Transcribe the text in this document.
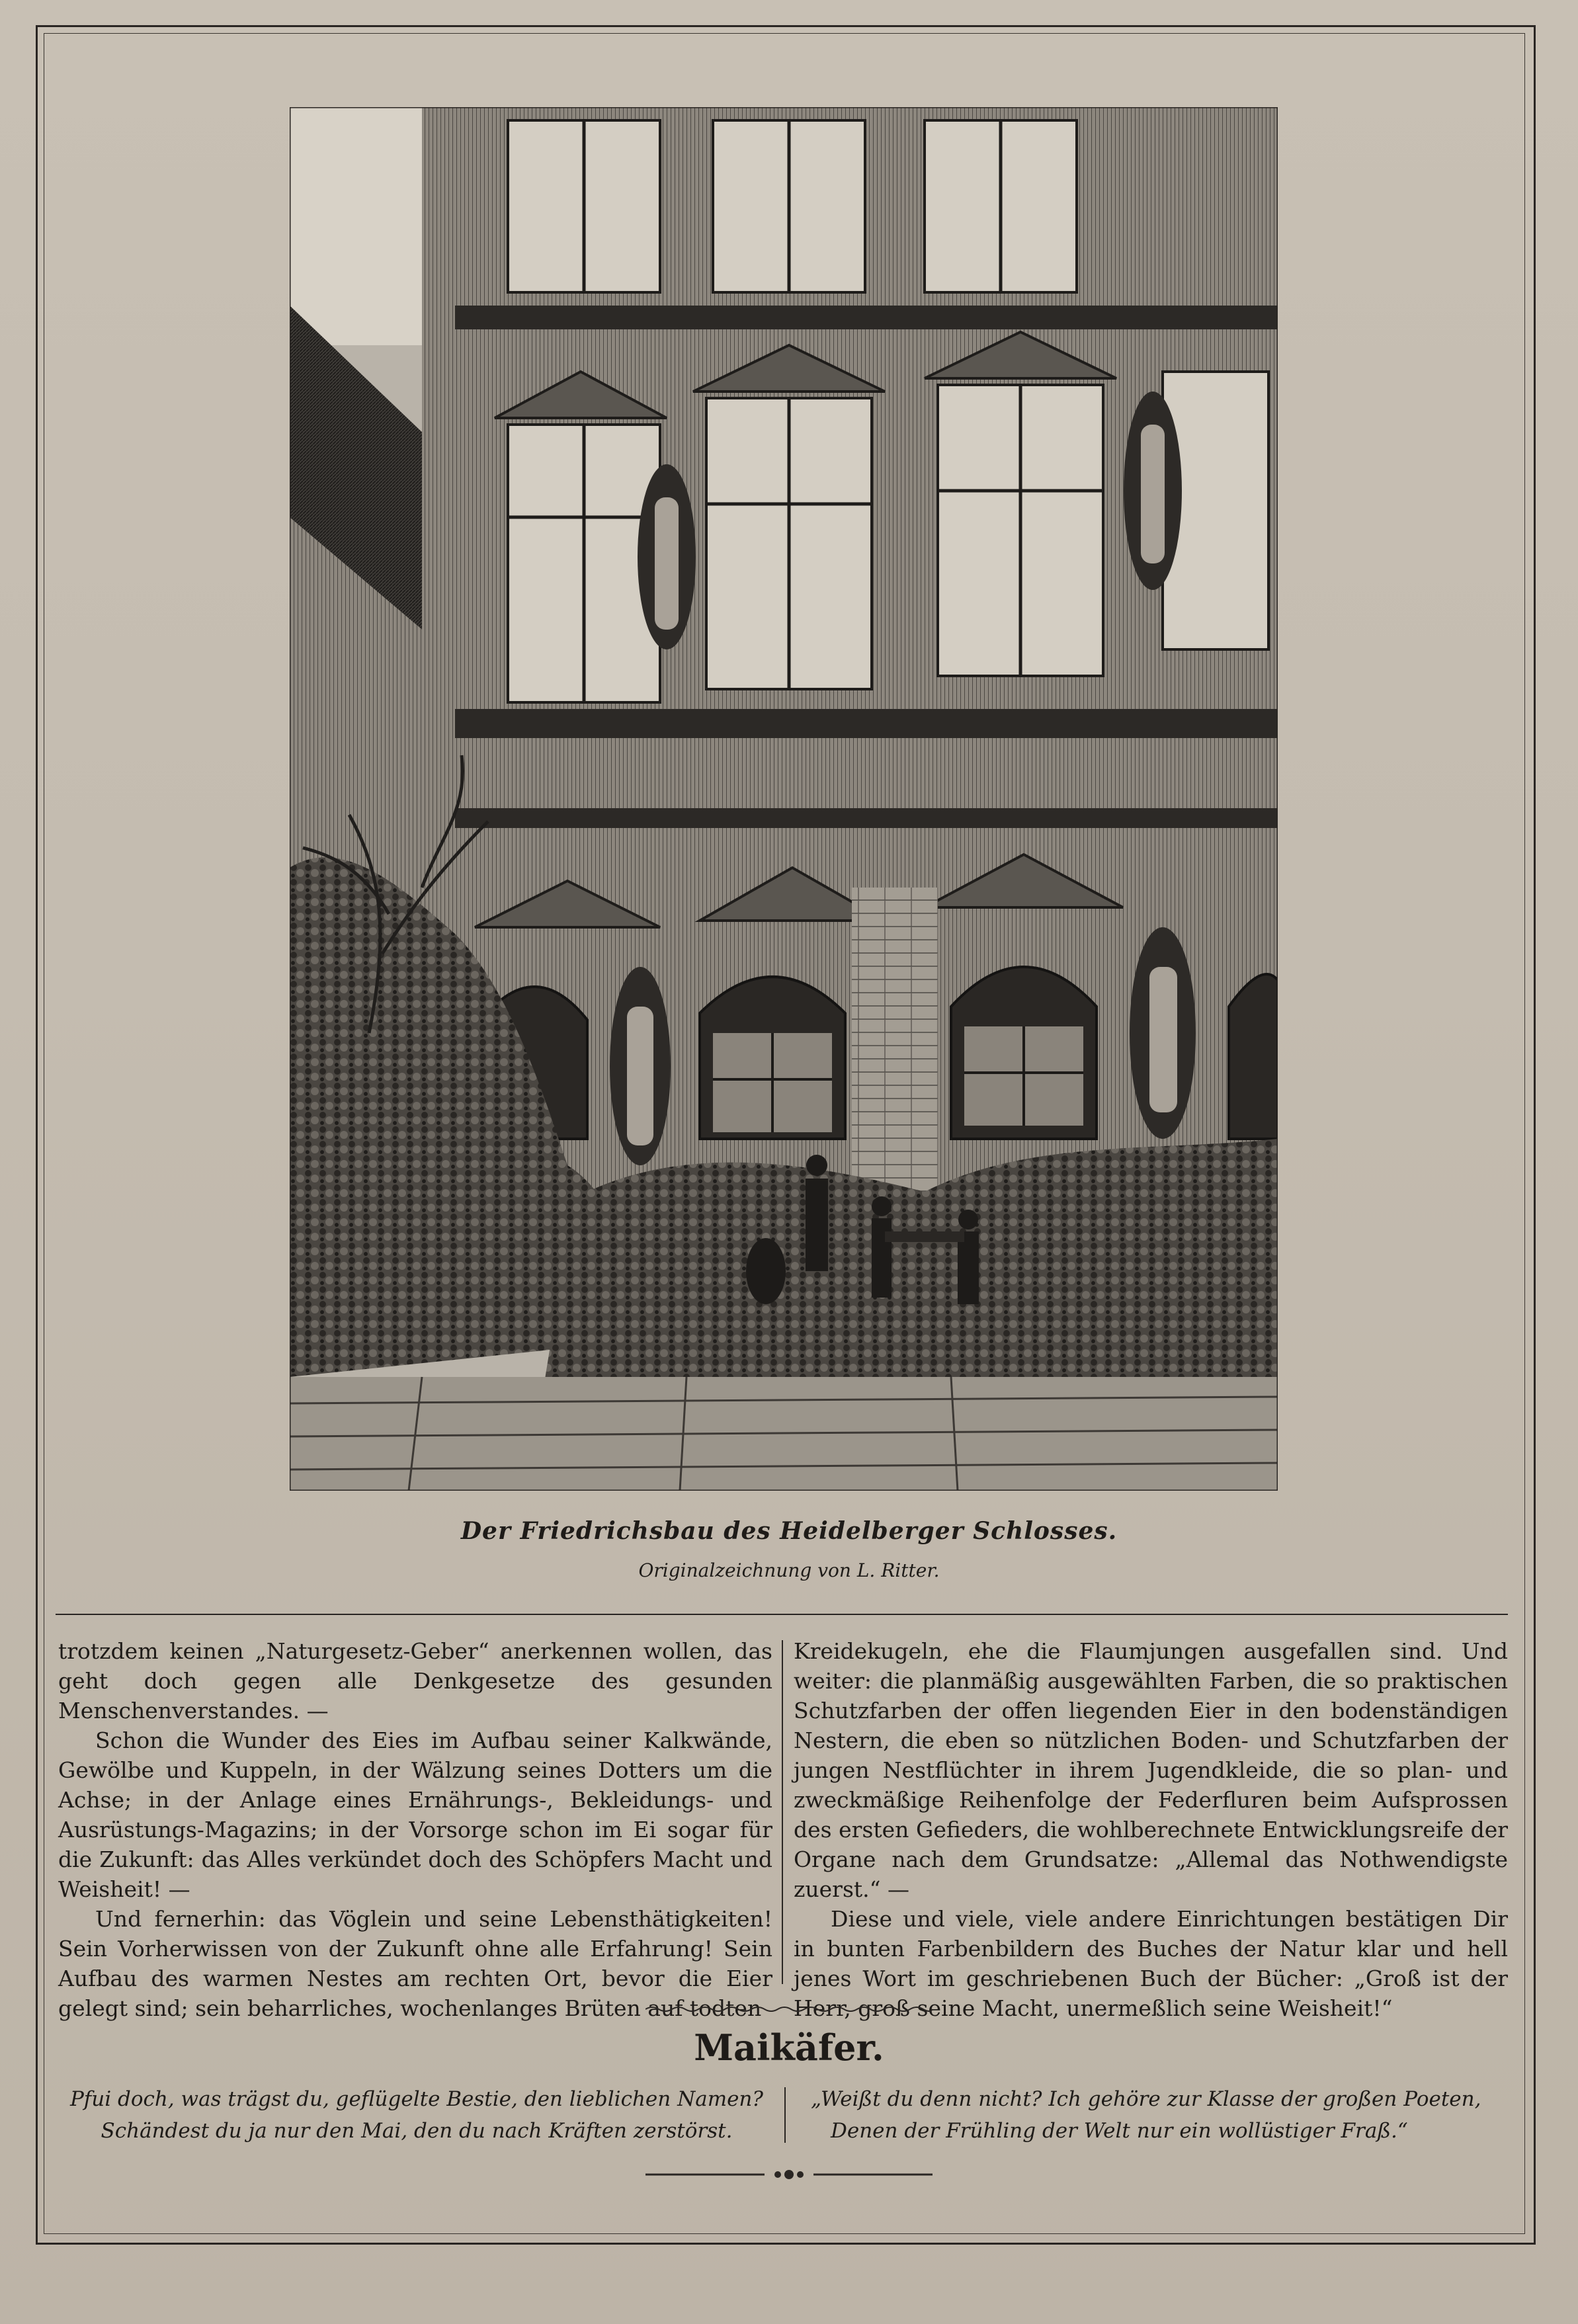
Der Friedrichsbau des Heidelberger Schlosses.
Originalzeichnung von L. Ritter.

trotzdem keinen „Naturgesetz-Geber“ anerkennen wollen, das geht doch gegen alle Denkgesetze des gesunden Menschenverstandes. —

Schon die Wunder des Eies im Aufbau seiner Kalkwände, Gewölbe und Kuppeln, in der Wälzung seines Dotters um die Achse; in der Anlage eines Ernährungs-, Bekleidungs- und Ausrüstungs-Magazins; in der Vorsorge schon im Ei sogar für die Zukunft: das Alles verkündet doch des Schöpfers Macht und Weisheit! —

Und fernerhin: das Vöglein und seine Lebensthätigkeiten! Sein Vorherwissen von der Zukunft ohne alle Erfahrung! Sein Aufbau des warmen Nestes am rechten Ort, bevor die Eier gelegt sind; sein beharrliches, wochenlanges Brüten auf todten

Kreidekugeln, ehe die Flaumjungen ausgefallen sind. Und weiter: die planmäßig ausgewählten Farben, die so praktischen Schutzfarben der offen liegenden Eier in den bodenständigen Nestern, die eben so nützlichen Boden- und Schutzfarben der jungen Nestflüchter in ihrem Jugendkleide, die so plan- und zweckmäßige Reihenfolge der Federfluren beim Aufsprossen des ersten Gefieders, die wohlberechnete Entwicklungsreife der Organe nach dem Grundsatze: „Allemal das Nothwendigste zuerst.“ —

Diese und viele, viele andere Einrichtungen bestätigen Dir in bunten Farbenbildern des Buches der Natur klar und hell jenes Wort im geschriebenen Buch der Bücher: „Groß ist der Herr, groß seine Macht, unermeßlich seine Weisheit!“

Maikäfer.

Pfui doch, was trägst du, geflügelte Bestie, den lieblichen Namen?

Schändest du ja nur den Mai, den du nach Kräften zerstörst.

„Weißt du denn nicht? Ich gehöre zur Klasse der großen Poeten,

Denen der Frühling der Welt nur ein wollüstiger Fraß.“
